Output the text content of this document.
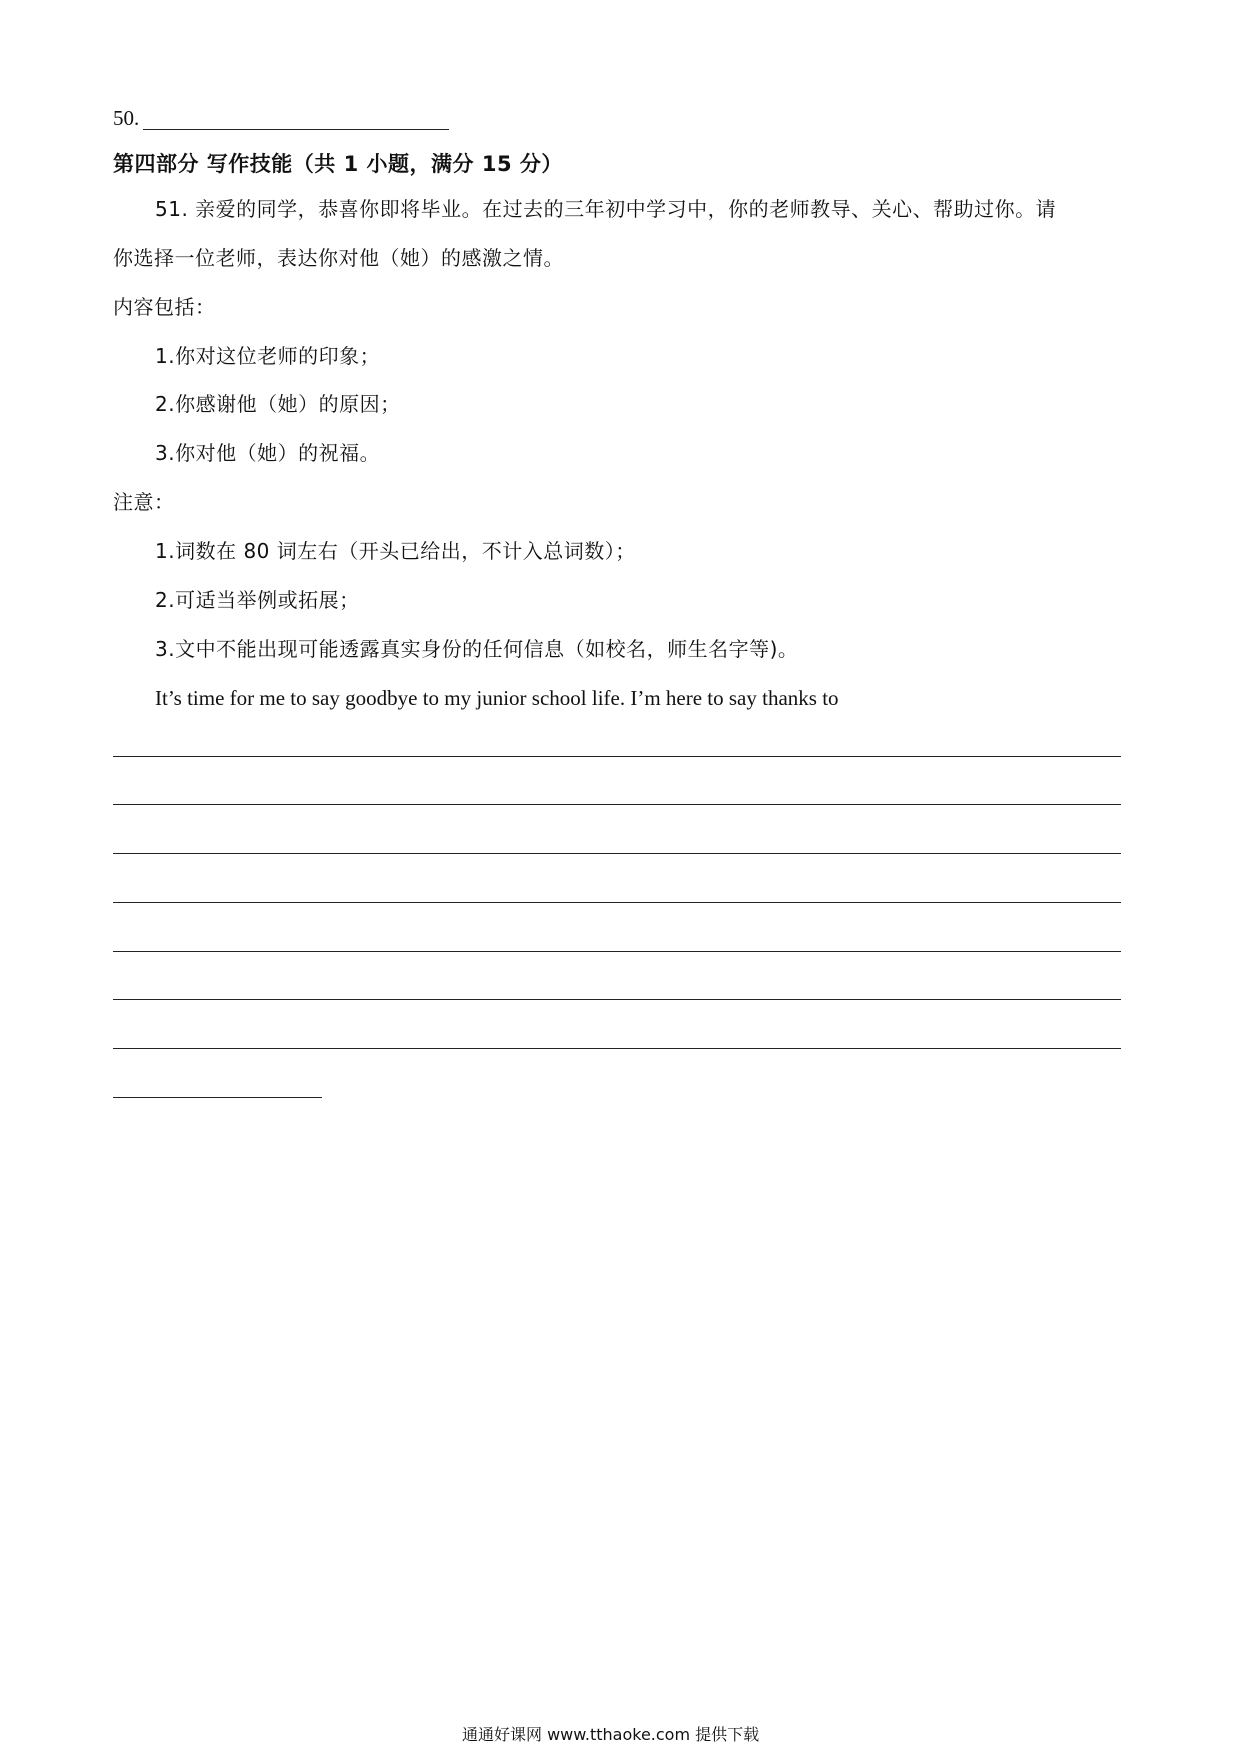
50.
第四部分 写作技能（共 1 小题，满分 15 分）
51. 亲爱的同学，恭喜你即将毕业。在过去的三年初中学习中，你的老师教导、关心、帮助过你。请
你选择一位老师，表达你对他（她）的感激之情。
内容包括：
1.你对这位老师的印象；
2.你感谢他（她）的原因；
3.你对他（她）的祝福。
注意：
1.词数在 80 词左右（开头已给出，不计入总词数）；
2.可适当举例或拓展；
3.文中不能出现可能透露真实身份的任何信息（如校名，师生名字等)。
It’s time for me to say goodbye to my junior school life. I’m here to say thanks to
通通好课网 www.tthaoke.com 提供下载
